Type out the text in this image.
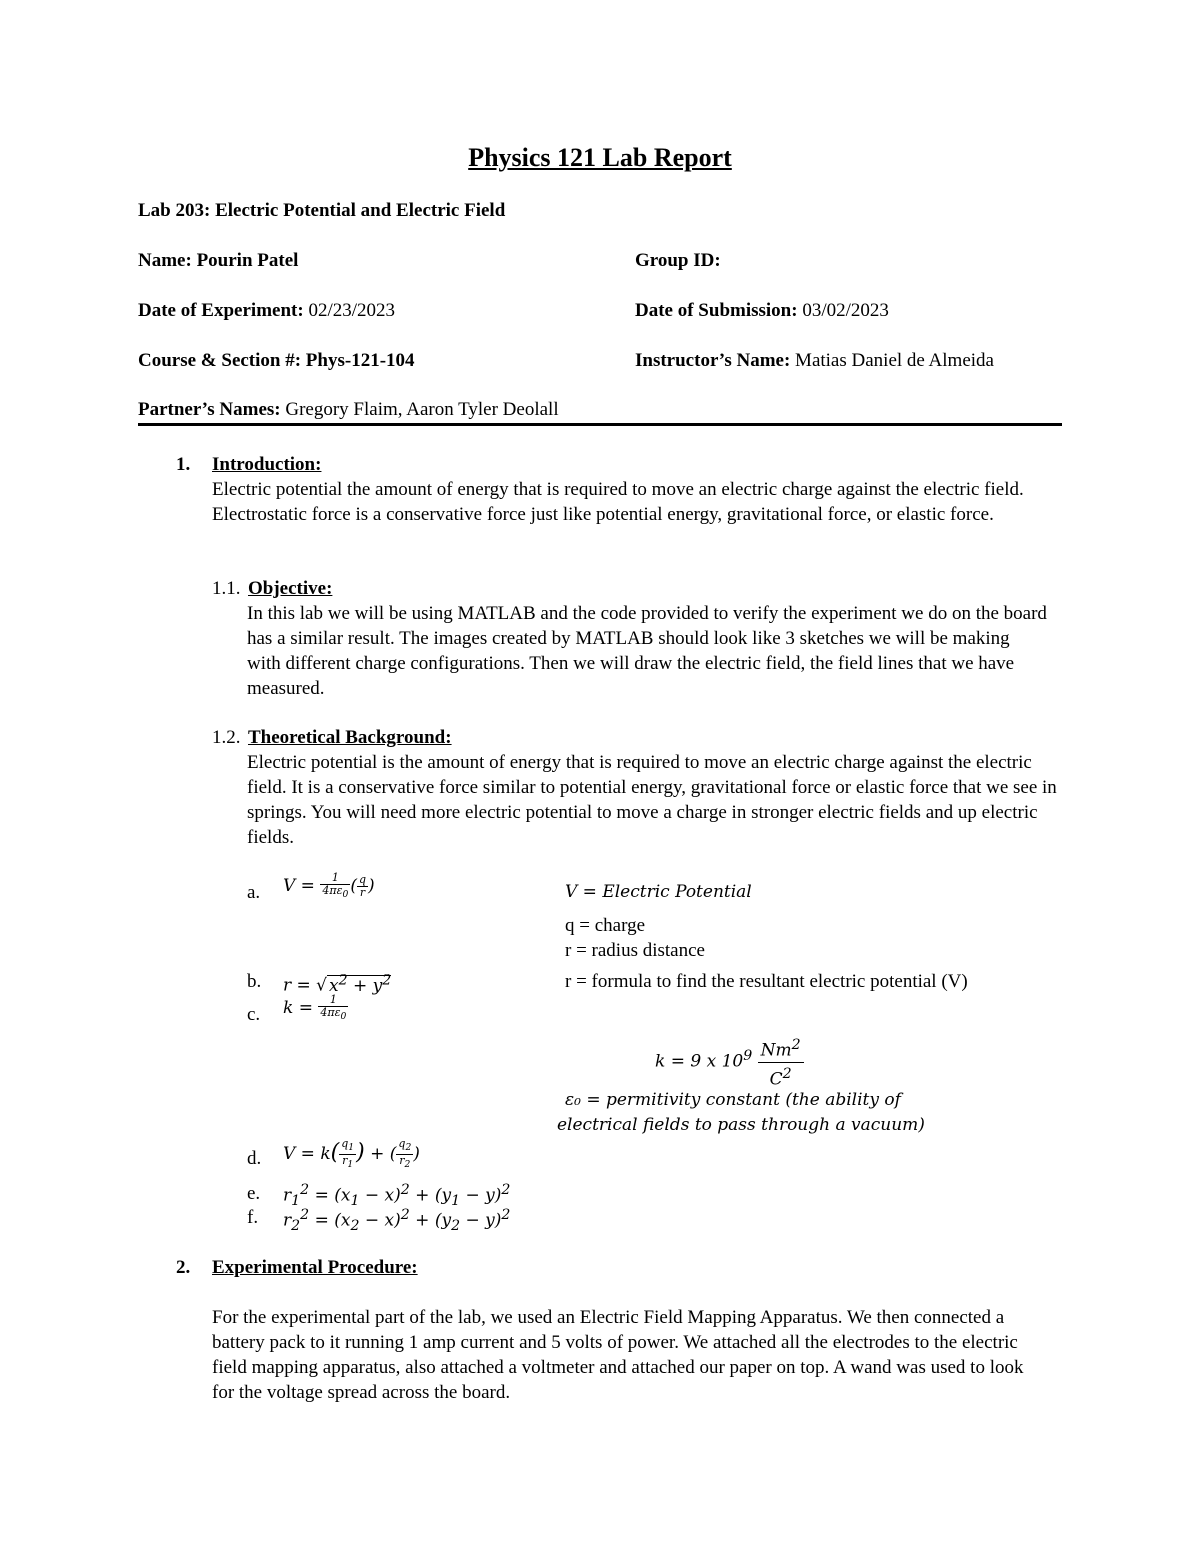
Physics 121 Lab Report
Lab 203: Electric Potential and Electric Field
Name: Pourin Patel	Group ID:
Date of Experiment: 02/23/2023	Date of Submission: 03/02/2023
Course & Section #: Phys-121-104	Instructor’s Name: Matias Daniel de Almeida
Partner’s Names: Gregory Flaim, Aaron Tyler Deolall
1. Introduction:
Electric potential the amount of energy that is required to move an electric charge against the electric field. Electrostatic force is a conservative force just like potential energy, gravitational force, or elastic force.
1.1. Objective:
In this lab we will be using MATLAB and the code provided to verify the experiment we do on the board has a similar result. The images created by MATLAB should look like 3 sketches we will be making with different charge configurations. Then we will draw the electric field, the field lines that we have measured.
1.2. Theoretical Background:
Electric potential is the amount of energy that is required to move an electric charge against the electric field. It is a conservative force similar to potential energy, gravitational force or elastic force that we see in springs. You will need more electric potential to move a charge in stronger electric fields and up electric fields.
a. $V = \frac{1}{4\pi\varepsilon_0}$ ( $\frac{q}{r}$ )	V = Electric Potential
q = charge
r = radius distance
b. r = √ $x^2 + y^2$	r = formula to find the resultant electric potential (V)
c. $k = \frac{1}{4\pi\varepsilon_0}$
k = 9 x $10^9 \frac{Nm^2}{C^2}$
ε₀ = permitivity constant (the ability of
electrical fields to pass through a vacuum)
d. $V = k( \frac{q_1}{r_1}$ ) + ( $\frac{q_2}{r_2}$ )
e. $r_1^2 = (x_1 - x)^2 + (y_1 - y)^2$
f. $r_2^2 = (x_2 - x)^2 + (y_2 - y)^2$
2. Experimental Procedure:
For the experimental part of the lab, we used an Electric Field Mapping Apparatus. We then connected a battery pack to it running 1 amp current and 5 volts of power. We attached all the electrodes to the electric field mapping apparatus, also attached a voltmeter and attached our paper on top. A wand was used to look for the voltage spread across the board.
